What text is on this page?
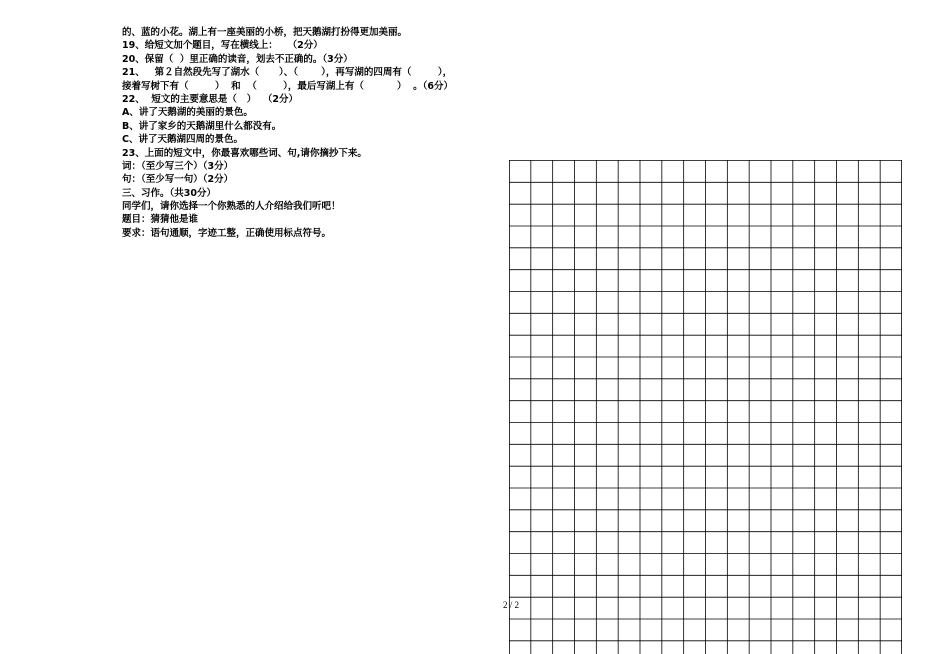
的、蓝的小花。湖上有一座美丽的小桥，把天鹅湖打扮得更加美丽。
19、给短文加个题目，写在横线上：   （2分）
20、保留（  ）里正确的读音，划去不正确的。（3分）
21、   第２自然段先写了湖水（      ）、（       ），再写湖的四周有（        ），
接着写树下有（        ）  和  （        ），最后写湖上有（          ）  。（6分）
22、  短文的主要意思是（   ）  （2分）
A、讲了天鹅湖的美丽的景色。
B、讲了家乡的天鹅湖里什么都没有。
C、讲了天鹅湖四周的景色。
23、上面的短文中，你最喜欢哪些词、句,请你摘抄下来。
词：（至少写三个）（3分）
句：（至少写一句）（2分）
三、习作。（共30分）
同学们，请你选择一个你熟悉的人介绍给我们听吧！
题目：猜猜他是谁
要求：语句通顺，字迹工整，正确使用标点符号。
2 / 2
